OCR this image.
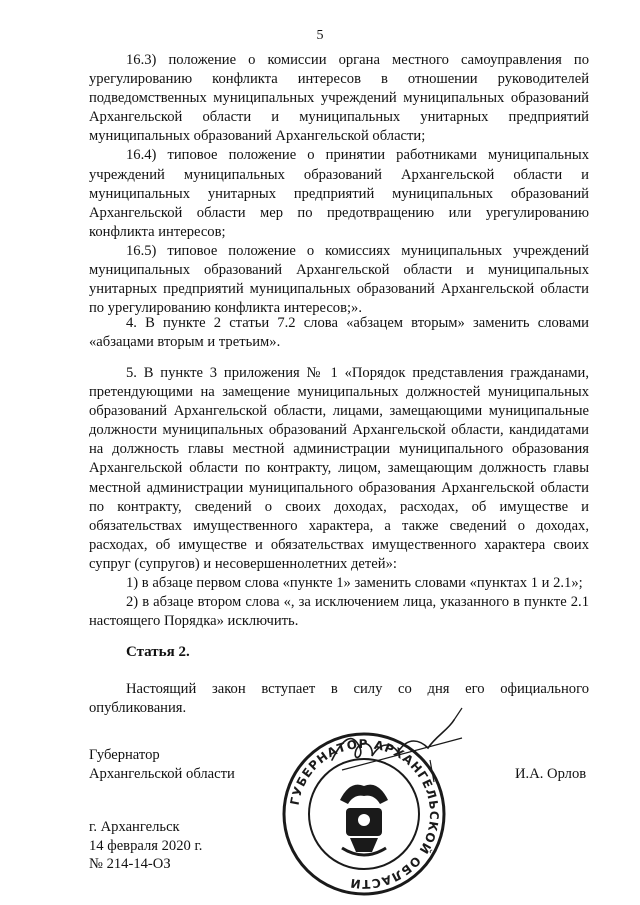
5

16.3) положение о комиссии органа местного самоуправления по урегулированию конфликта интересов в отношении руководителей подведомственных муниципальных учреждений муниципальных образований Архангельской области и муниципальных унитарных предприятий муниципальных образований Архангельской области;

16.4) типовое положение о принятии работниками муниципальных учреждений муниципальных образований Архангельской области и муниципальных унитарных предприятий муниципальных образований Архангельской области мер по предотвращению или урегулированию конфликта интересов;

16.5) типовое положение о комиссиях муниципальных учреждений муниципальных образований Архангельской области и муниципальных унитарных предприятий муниципальных образований Архангельской области по урегулированию конфликта интересов;».

4. В пункте 2 статьи 7.2 слова «абзацем вторым» заменить словами «абзацами вторым и третьим».

5. В пункте 3 приложения № 1 «Порядок представления гражданами, претендующими на замещение муниципальных должностей муниципальных образований Архангельской области, лицами, замещающими муниципальные должности муниципальных образований Архангельской области, кандидатами на должность главы местной администрации муниципального образования Архангельской области по контракту, лицом, замещающим должность главы местной администрации муниципального образования Архангельской области по контракту, сведений о своих доходах, расходах, об имуществе и обязательствах имущественного характера, а также сведений о доходах, расходах, об имуществе и обязательствах имущественного характера своих супруг (супругов) и несовершеннолетних детей»:

1) в абзаце первом слова «пункте 1» заменить словами «пунктах 1 и 2.1»;

2) в абзаце втором слова «, за исключением лица, указанного в пункте 2.1 настоящего Порядка» исключить.

Статья 2.

Настоящий закон вступает в силу со дня его официального опубликования.

Губернатор
Архангельской области
ГУБЕРНАТОР АРХАНГЕЛЬСКОЙ ОБЛАСТИ
И.А. Орлов
г. Архангельск
14 февраля 2020 г.
№ 214-14-ОЗ
